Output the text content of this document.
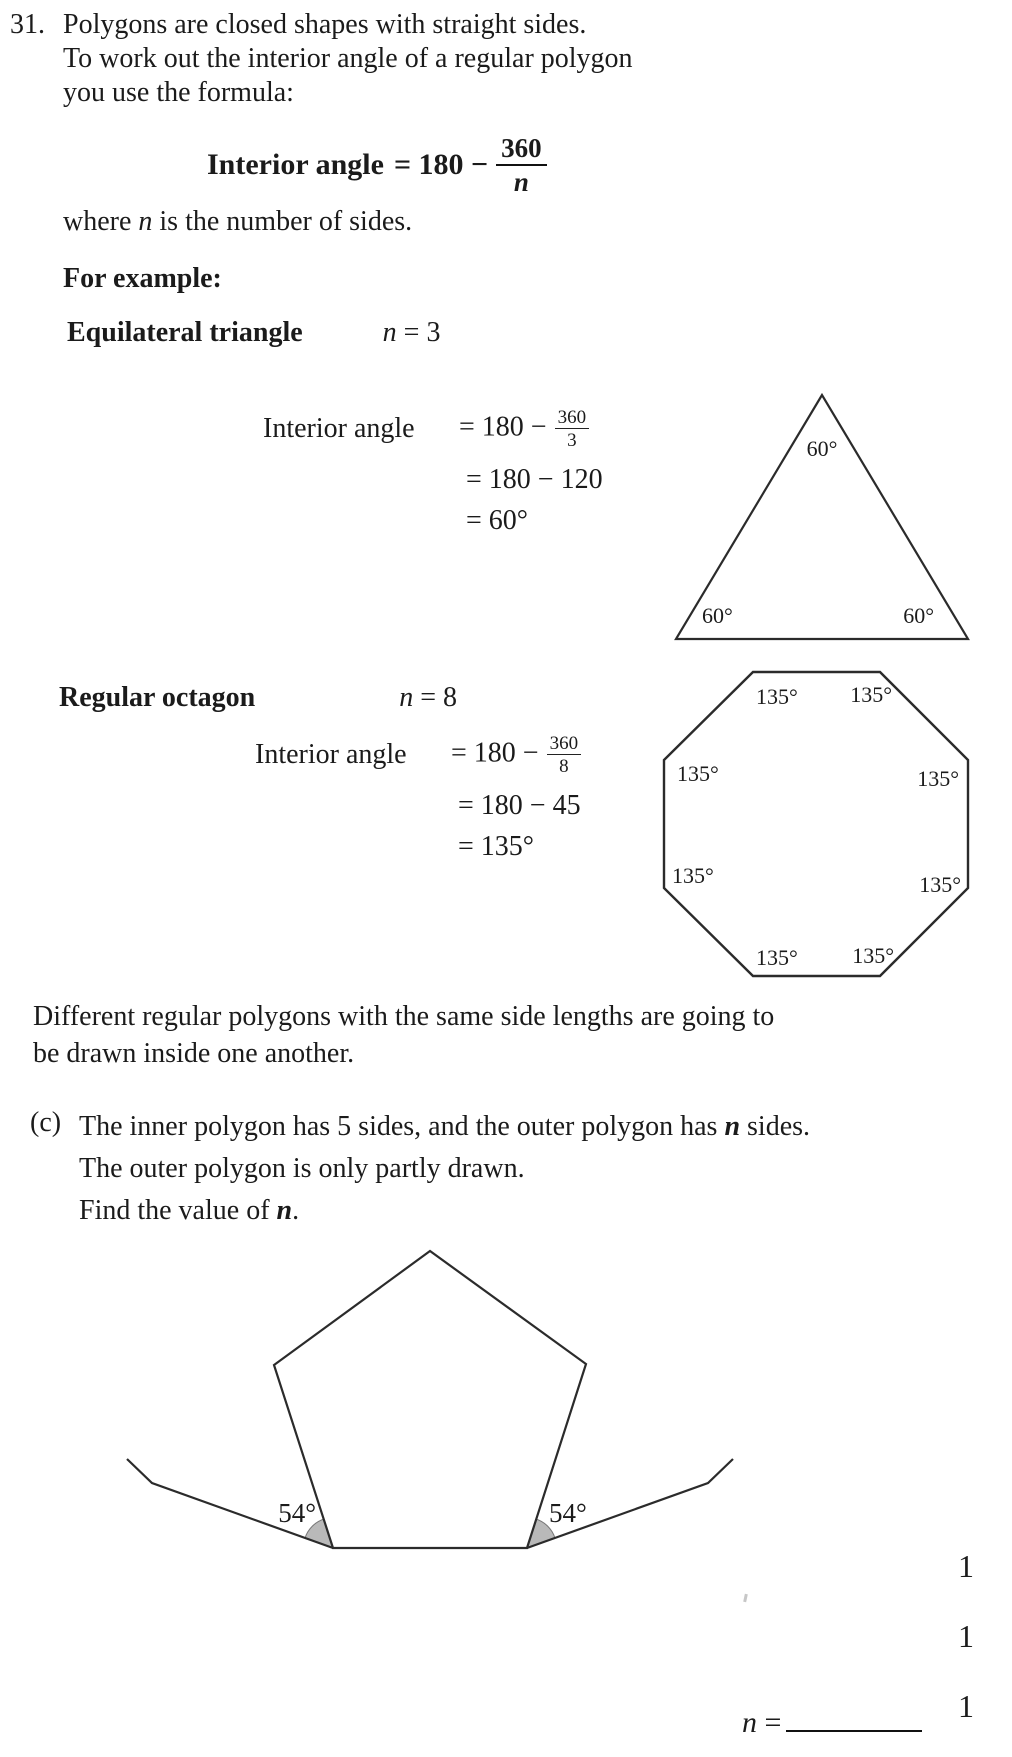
31. Polygons are closed shapes with straight sides.
To work out the interior angle of a regular polygon
you use the formula:
Interior angle = $180 - \frac{360}{n}$
where n is the number of sides.
For example:
Equilateral triangle	n = 3
Interior angle	= $180 - \frac{360}{3}$
= 180 − 120
= 60°
60°
60°	60°
Regular octagon	n = 8
Interior angle	= $180 - \frac{360}{8}$
= 180 − 45
= 135°
135° 135°
135°	135°
135°	135°
135° 135°
Different regular polygons with the same side lengths are going to
be drawn inside one another.
(c) The inner polygon has 5 sides, and the outer polygon has n sides.
The outer polygon is only partly drawn.
Find the value of n.
54°	54°
1
1
1
n =
